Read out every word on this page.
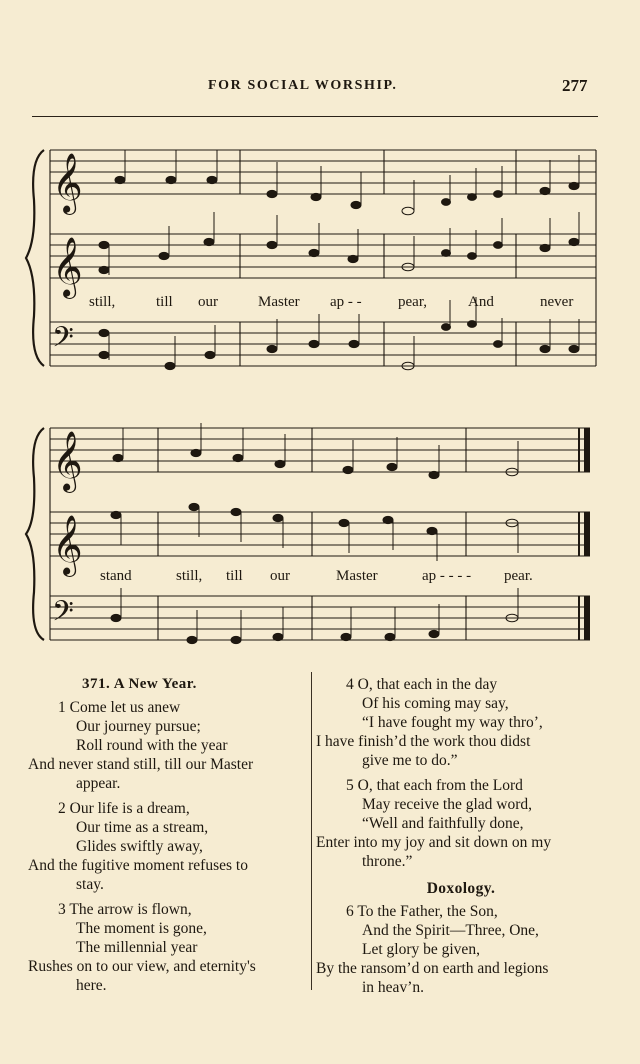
FOR SOCIAL WORSHIP.	277
𝄞
𝄞
𝄢
𝄞
𝄞
𝄢
still,	till our	Master ap - - pear,	And	never
stand	still, till our	Master	ap - - - - pear.
371. A New Year.
1 Come let us anew
Our journey pursue;
Roll round with the year
And never stand still, till our Master
appear.
2 Our life is a dream,
Our time as a stream,
Glides swiftly away,
And the fugitive moment refuses to
stay.
3 The arrow is flown,
The moment is gone,
The millennial year
Rushes on to our view, and eternity's
here.
4 O, that each in the day
Of his coming may say,
“I have fought my way thro’,
I have finish’d the work thou didst
give me to do.”
5 O, that each from the Lord
May receive the glad word,
“Well and faithfully done,
Enter into my joy and sit down on my
throne.”
Doxology.
6 To the Father, the Son,
And the Spirit—Three, One,
Let glory be given,
By the ransom’d on earth and legions
in heav’n.
